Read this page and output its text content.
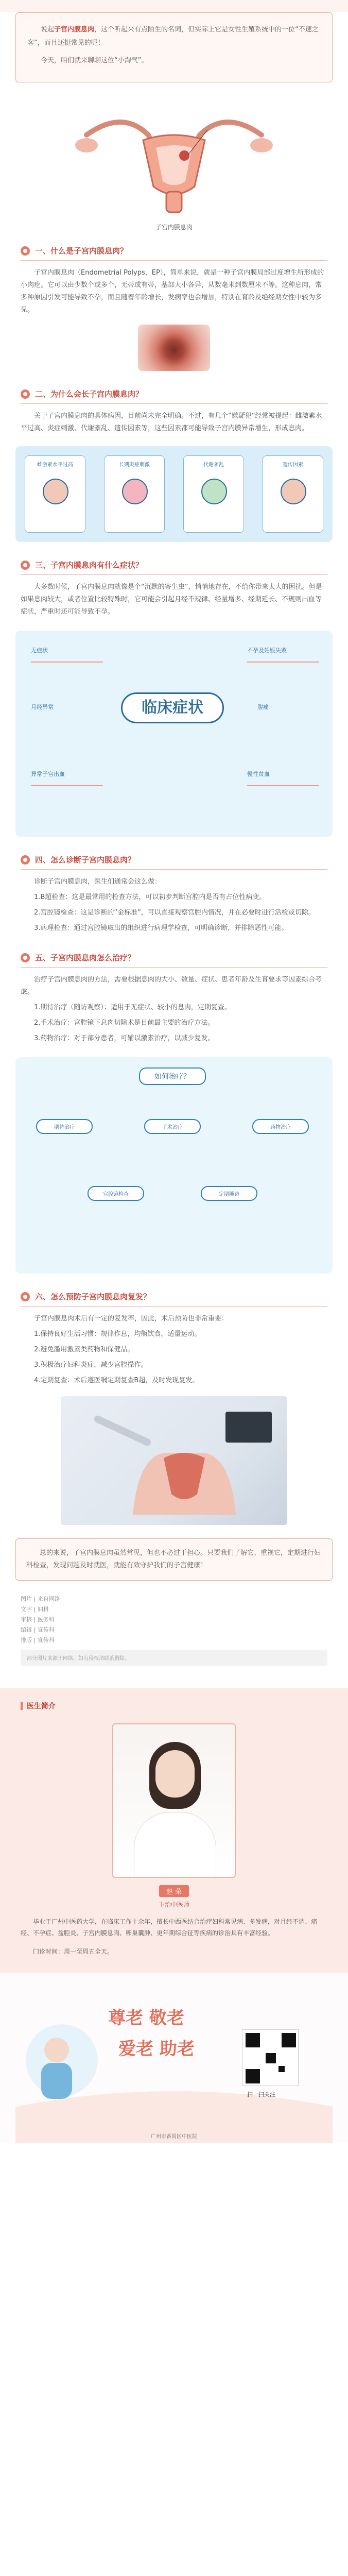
说起子宫内膜息肉，这个听起来有点陌生的名词，但实际上它是女性生殖系统中的一位“不速之客”，而且还挺常见的呢！

今天，咱们就来聊聊这位“小淘气”。

子宫内膜息肉
一、什么是子宫内膜息肉？

子宫内膜息肉（Endometrial Polyps，EP），简单来说，就是一种子宫内膜局部过度增生所形成的小肉疙。它可以由少数个或多个，无蒂或有蒂，基部大小各异，从数毫米到数厘米不等。这种息肉，常多种原因引发可能导致不孕，而且随着年龄增长，发病率也会增加，特别在育龄及绝经期女性中较为多见。

二、为什么会长子宫内膜息肉？

关于子宫内膜息肉的具体病因，目前尚未完全明确。不过，有几个“嫌疑犯”经常被提起：雌激素水平过高、炎症刺激、代谢紊乱、遗传因素等，这些因素都可能导致子宫内膜异常增生，形成息肉。

雌激素水平过高	长期炎症刺激	代谢紊乱	遗传因素
三、子宫内膜息肉有什么症状？

大多数时候，子宫内膜息肉就像是个“沉默的寄生虫”，悄悄地存在，不给你带来太大的困扰。但是如果息肉较大，或者位置比较特殊时，它可能会引起月经不规律、经量增多、经期延长、不规则出血等症状，严重时还可能导致不孕。

无症状	不孕及妊娠失败
月经异常	腹痛
异常子宫出血	慢性贫血
临床症状
四、怎么诊断子宫内膜息肉？

诊断子宫内膜息肉，医生们通常会这么做：

1.B超检查：这是最常用的检查方法，可以初步判断宫腔内是否有占位性病变。

2.宫腔镜检查：这是诊断的“金标准”，可以直接观察宫腔内情况，并在必要时进行活检或切除。

3.病理检查：通过宫腔镜取出的组织进行病理学检查，可明确诊断，并排除恶性可能。

五、子宫内膜息肉怎么治疗？

治疗子宫内膜息肉的方法，需要根据息肉的大小、数量、症状、患者年龄及生育要求等因素综合考虑。

1.期待治疗（随访观察）：适用于无症状、较小的息肉，定期复查。

2.手术治疗：宫腔镜下息肉切除术是目前最主要的治疗方法。

3.药物治疗：对于部分患者，可辅以激素治疗，以减少复发。

如何治疗？
期待治疗	手术治疗	药物治疗
宫腔镜检查	定期随访
六、怎么预防子宫内膜息肉复发？

子宫内膜息肉术后有一定的复发率，因此，术后预防也非常重要：

1.保持良好生活习惯：规律作息，均衡饮食，适量运动。

2.避免滥用激素类药物和保健品。

3.积极治疗妇科炎症，减少宫腔操作。

4.定期复查：术后遵医嘱定期复查B超，及时发现复发。

总的来说，子宫内膜息肉虽然常见，但也不必过于担心。只要我们了解它、重视它，定期进行妇科检查，发现问题及时就医，就能有效守护我们的子宫健康！

图片 | 来自网络
文字 | 妇科
审核 | 医务科
编辑 | 宣传科
排版 | 宣传科
部分图片来源于网络，如有侵权请联系删除。
医生简介
赵 荣
主治中医师

毕业于广州中医药大学，在临床工作十余年，擅长中西医结合治疗妇科常见病、多发病，对月经不调、痛经、不孕症、盆腔炎、子宫内膜息肉、卵巢囊肿、更年期综合征等疾病的诊治具有丰富经验。

门诊时间：周一至周五全天。

尊老 敬老
爱老 助老
扫一扫关注
广州市番禺区中医院
